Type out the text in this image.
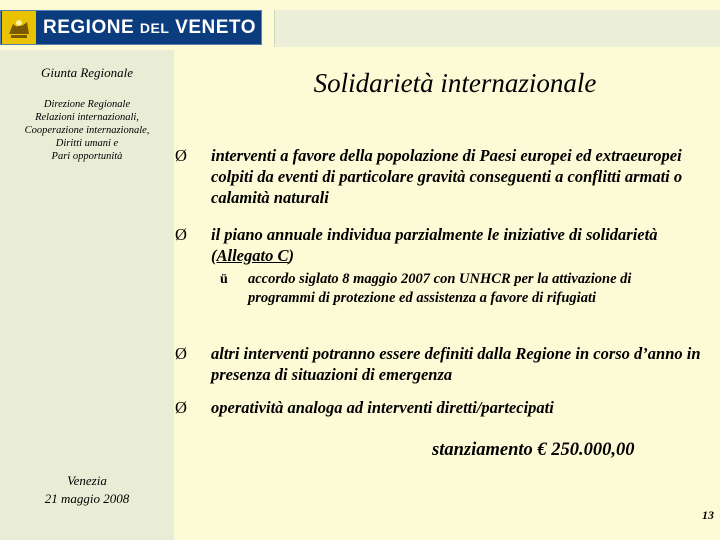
REGIONE DEL VENETO
Giunta Regionale
Direzione Regionale
Relazioni internazionali,
Cooperazione internazionale,
Diritti umani e
Pari opportunità
Venezia
21 maggio 2008
Solidarietà internazionale
Ø interventi a favore della popolazione di Paesi europei ed extraeuropei colpiti da eventi di particolare gravità conseguenti a conflitti armati o calamità naturali
Ø il piano annuale individua parzialmente le iniziative di solidarietà (Allegato C)
ü accordo siglato 8 maggio 2007 con UNHCR per la attivazione di programmi di protezione ed assistenza a favore di rifugiati
Ø altri interventi potranno essere definiti dalla Regione in corso d’anno in presenza di situazioni di emergenza
Ø operatività analoga ad interventi diretti/partecipati
stanziamento € 250.000,00
13
